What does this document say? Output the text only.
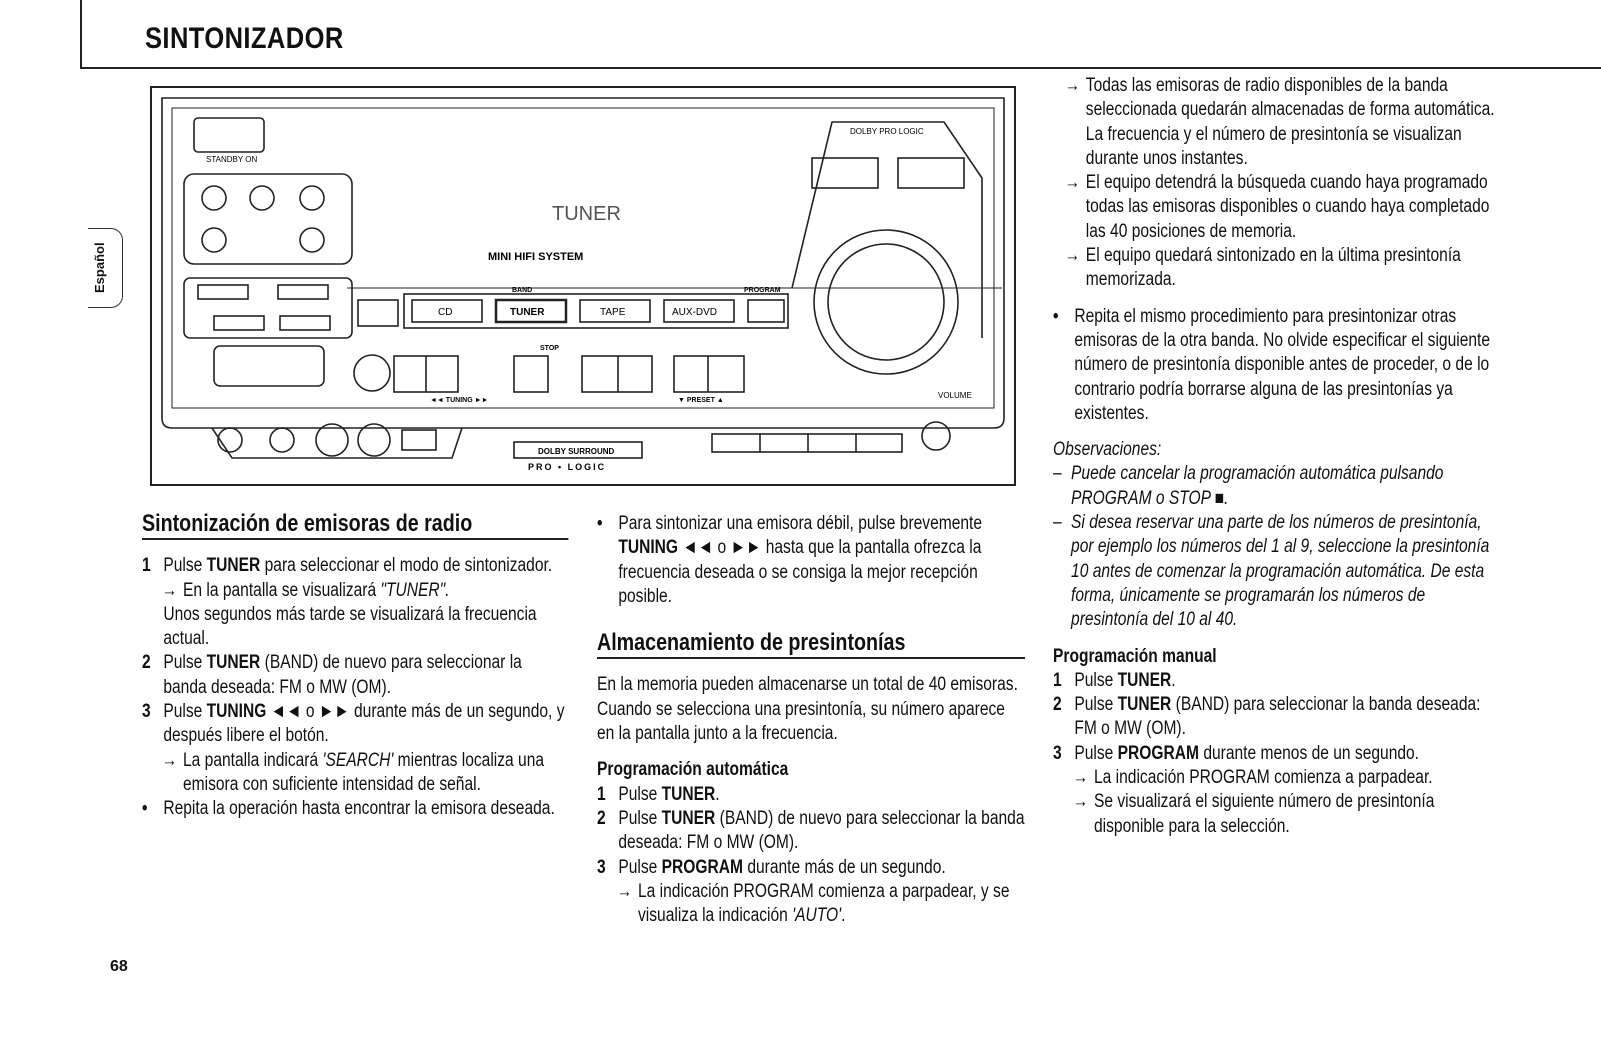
SINTONIZADOR
Español
68
STANDBY ON
MINI HIFI SYSTEM
TUNER
DOLBY PRO LOGIC
CD	TUNER	TAPE	AUX-DVD
BAND	PROGRAM
STOP
◄◄ TUNING ►►	▼ PRESET ▲
VOLUME
DOLBY SURROUND
PRO • LOGIC
Sintonización de emisoras de radio
1 Pulse TUNER para seleccionar el modo de sintonizador.
→ En la pantalla se visualizará "TUNER".

Unos segundos más tarde se visualizará la frecuencia actual.

2 Pulse TUNER (BAND) de nuevo para seleccionar la banda deseada: FM o MW (OM).
3 Pulse TUNING ◄◄ o ►► durante más de un segundo, y después libere el botón.
→ La pantalla indicará 'SEARCH' mientras localiza una emisora con suficiente intensidad de señal.
• Repita la operación hasta encontrar la emisora deseada.
• Para sintonizar una emisora débil, pulse brevemente TUNING ◄◄ o ►► hasta que la pantalla ofrezca la frecuencia deseada o se consiga la mejor recepción posible.
Almacenamiento de presintonías

En la memoria pueden almacenarse un total de 40 emisoras. Cuando se selecciona una presintonía, su número aparece en la pantalla junto a la frecuencia.

Programación automática
1 Pulse TUNER.
2 Pulse TUNER (BAND) de nuevo para seleccionar la banda deseada: FM o MW (OM).
3 Pulse PROGRAM durante más de un segundo.
→ La indicación PROGRAM comienza a parpadear, y se visualiza la indicación 'AUTO'.
→ Todas las emisoras de radio disponibles de la banda seleccionada quedarán almacenadas de forma automática. La frecuencia y el número de presintonía se visualizan durante unos instantes.
→ El equipo detendrá la búsqueda cuando haya programado todas las emisoras disponibles o cuando haya completado las 40 posiciones de memoria.
→ El equipo quedará sintonizado en la última presintonía memorizada.
• Repita el mismo procedimiento para presintonizar otras emisoras de la otra banda. No olvide especificar el siguiente número de presintonía disponible antes de proceder, o de lo contrario podría borrarse alguna de las presintonías ya existentes.

Observaciones:

– Puede cancelar la programación automática pulsando PROGRAM o STOP ■.
– Si desea reservar una parte de los números de presintonía, por ejemplo los números del 1 al 9, seleccione la presintonía 10 antes de comenzar la programación automática. De esta forma, únicamente se programarán los números de presintonía del 10 al 40.
Programación manual
1 Pulse TUNER.
2 Pulse TUNER (BAND) para seleccionar la banda deseada: FM o MW (OM).
3 Pulse PROGRAM durante menos de un segundo.
→ La indicación PROGRAM comienza a parpadear.
→ Se visualizará el siguiente número de presintonía disponible para la selección.
